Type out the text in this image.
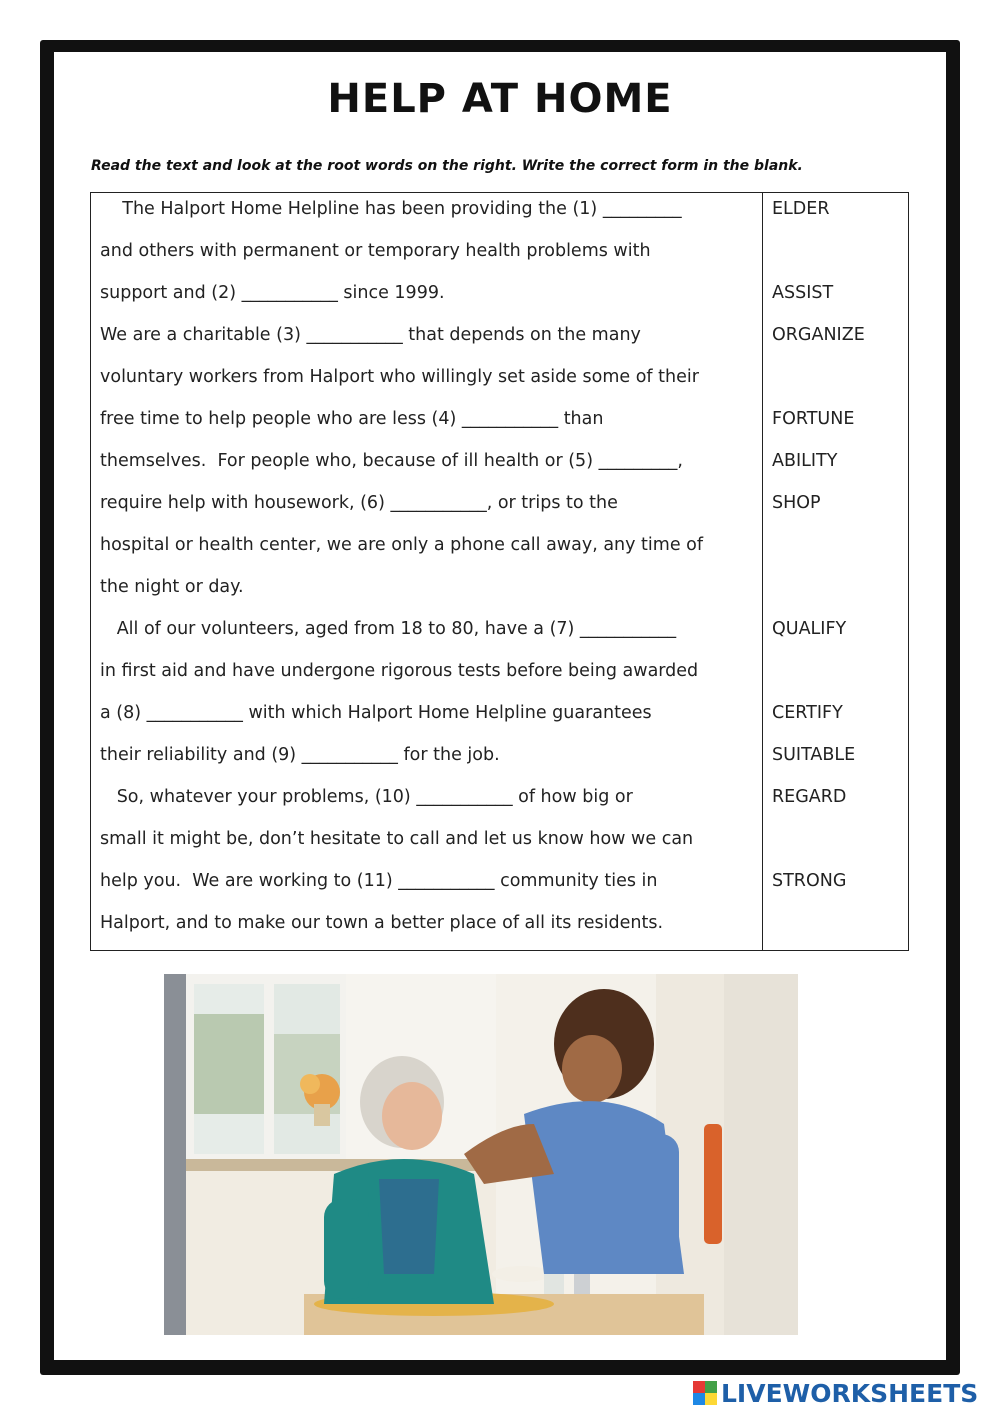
HELP AT HOME
Read the text and look at the root words on the right. Write the correct form in the blank.
The Halport Home Helpline has been providing the (1) _________
and others with permanent or temporary health problems with
support and (2) ___________ since 1999.
We are a charitable (3) ___________ that depends on the many
voluntary workers from Halport who willingly set aside some of their
free time to help people who are less (4) ___________ than
themselves.  For people who, because of ill health or (5) _________,
require help with housework, (6) ___________, or trips to the
hospital or health center, we are only a phone call away, any time of
the night or day.
All of our volunteers, aged from 18 to 80, have a (7) ___________
in first aid and have undergone rigorous tests before being awarded
a (8) ___________ with which Halport Home Helpline guarantees
their reliability and (9) ___________ for the job.
So, whatever your problems, (10) ___________ of how big or
small it might be, don’t hesitate to call and let us know how we can
help you.  We are working to (11) ___________ community ties in
Halport, and to make our town a better place of all its residents.
ELDER
ASSIST
ORGANIZE
FORTUNE
ABILITY
SHOP
QUALIFY
CERTIFY
SUITABLE
REGARD
STRONG
LIVEWORKSHEETS
